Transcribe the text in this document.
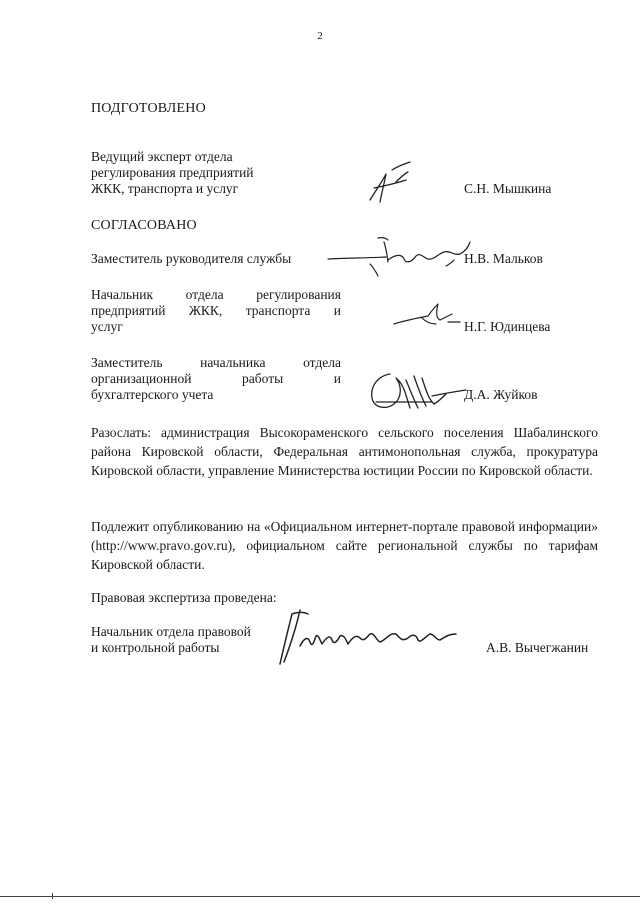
2
ПОДГОТОВЛЕНО
Ведущий эксперт отдела
регулирования предприятий
ЖКК, транспорта и услуг	С.Н. Мышкина
СОГЛАСОВАНО
Заместитель руководителя службы	Н.В. Мальков
Начальник отдела регулирования
предприятий ЖКК, транспорта и
услуг	Н.Г. Юдинцева
Заместитель начальника отдела
организационной работы и
бухгалтерского учета	Д.А. Жуйков
Разослать: администрация Высокораменского сельского поселения Шабалинского района Кировской области, Федеральная антимонопольная служба, прокуратура Кировской области, управление Министерства юстиции России по Кировской области.
Подлежит опубликованию на «Официальном интернет-портале правовой информации» (http://www.pravo.gov.ru), официальном сайте региональной службы по тарифам Кировской области.
Правовая экспертиза проведена:
Начальник отдела правовой
и контрольной работы	А.В. Вычегжанин
